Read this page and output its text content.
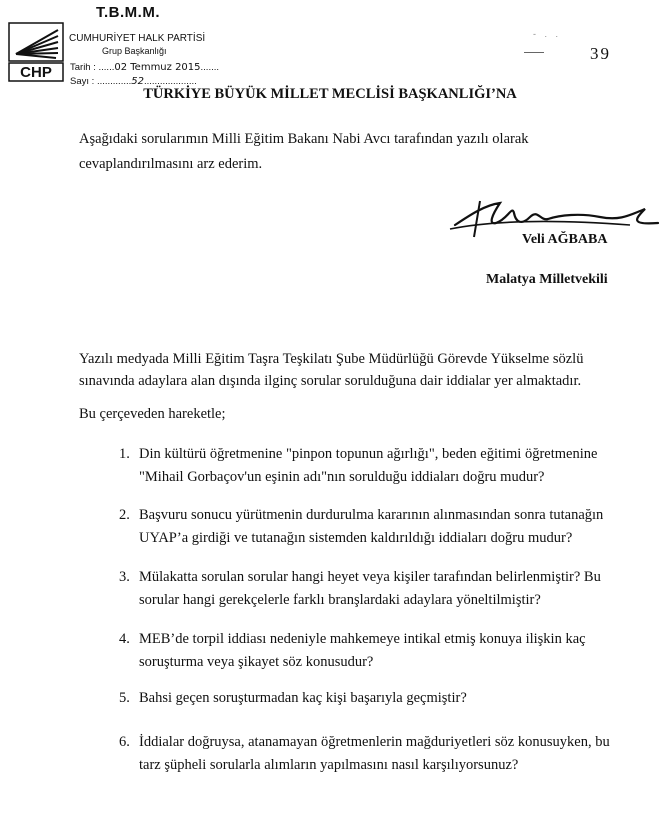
CHP
T.B.M.M.
CUMHURİYET HALK PARTİSİ
Grup Başkanlığı
Tarih : ......02 Temmuz 2015.......
Sayı : .............52....................
- . .
39
TÜRKİYE BÜYÜK MİLLET MECLİSİ BAŞKANLIĞI’NA
Aşağıdaki sorularımın Milli Eğitim Bakanı Nabi Avcı tarafından yazılı olarak
cevaplandırılmasını arz ederim.
Veli AĞBABA
Malatya Milletvekili
Yazılı medyada Milli Eğitim Taşra Teşkilatı Şube Müdürlüğü Görevde Yükselme sözlü
sınavında adaylara alan dışında ilginç sorular sorulduğuna dair iddialar yer almaktadır.
Bu çerçeveden hareketle;
1. Din kültürü öğretmenine "pinpon topunun ağırlığı", beden eğitimi öğretmenine
"Mihail Gorbaçov'un eşinin adı"nın sorulduğu iddiaları doğru mudur?
2. Başvuru sonucu yürütmenin durdurulma kararının alınmasından sonra tutanağın
UYAP’a girdiği ve tutanağın sistemden kaldırıldığı iddiaları doğru mudur?
3. Mülakatta sorulan sorular hangi heyet veya kişiler tarafından belirlenmiştir? Bu
sorular hangi gerekçelerle farklı branşlardaki adaylara yöneltilmiştir?
4. MEB’de torpil iddiası nedeniyle mahkemeye intikal etmiş konuya ilişkin kaç
soruşturma veya şikayet söz konusudur?
5. Bahsi geçen soruşturmadan kaç kişi başarıyla geçmiştir?
6. İddialar doğruysa, atanamayan öğretmenlerin mağduriyetleri söz konusuyken, bu
tarz şüpheli sorularla alımların yapılmasını nasıl karşılıyorsunuz?
